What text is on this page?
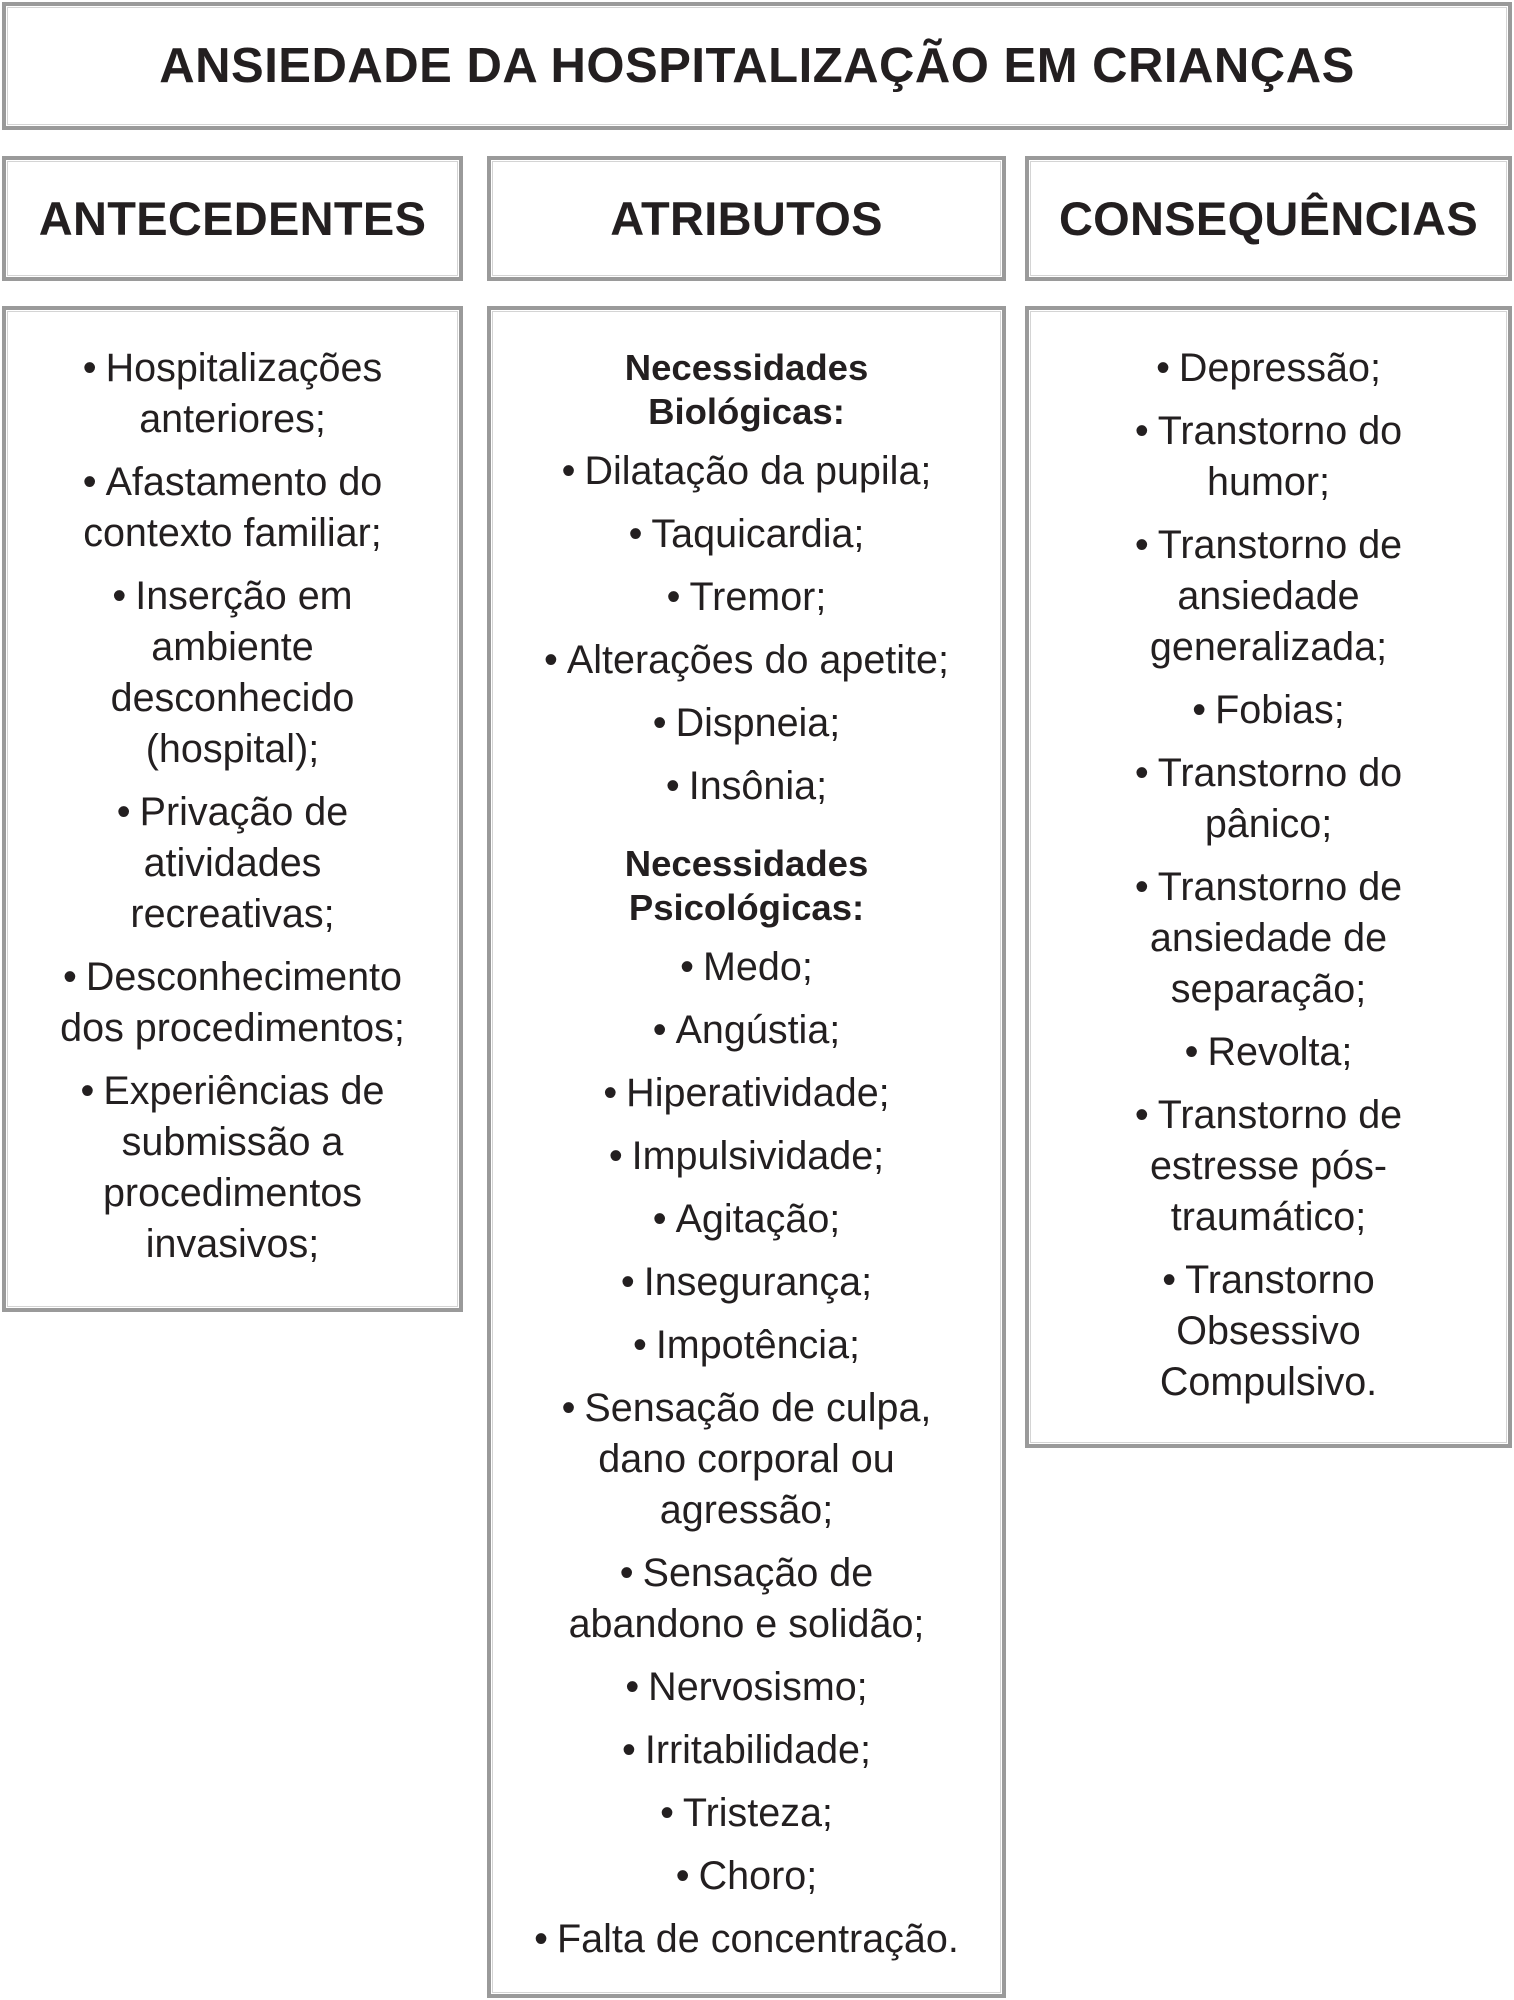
ANSIEDADE DA HOSPITALIZAÇÃO EM CRIANÇAS
ANTECEDENTES	ATRIBUTOS	CONSEQUÊNCIAS
• Hospitalizações anteriores;
• Afastamento do contexto familiar;
• Inserção em ambiente desconhecido (hospital);
• Privação de atividades recreativas;
• Desconhecimento dos procedimentos;
• Experiências de submissão a procedimentos invasivos;
Necessidades Biológicas:
• Dilatação da pupila;
• Taquicardia;
• Tremor;
• Alterações do apetite;
• Dispneia;
• Insônia;
Necessidades Psicológicas:
• Medo;
• Angústia;
• Hiperatividade;
• Impulsividade;
• Agitação;
• Insegurança;
• Impotência;
• Sensação de culpa, dano corporal ou agressão;
• Sensação de abandono e solidão;
• Nervosismo;
• Irritabilidade;
• Tristeza;
• Choro;
• Falta de concentração.
• Depressão;
• Transtorno do humor;
• Transtorno de ansiedade generalizada;
• Fobias;
• Transtorno do pânico;
• Transtorno de ansiedade de separação;
• Revolta;
• Transtorno de estresse pós-traumático;
• Transtorno Obsessivo Compulsivo.
